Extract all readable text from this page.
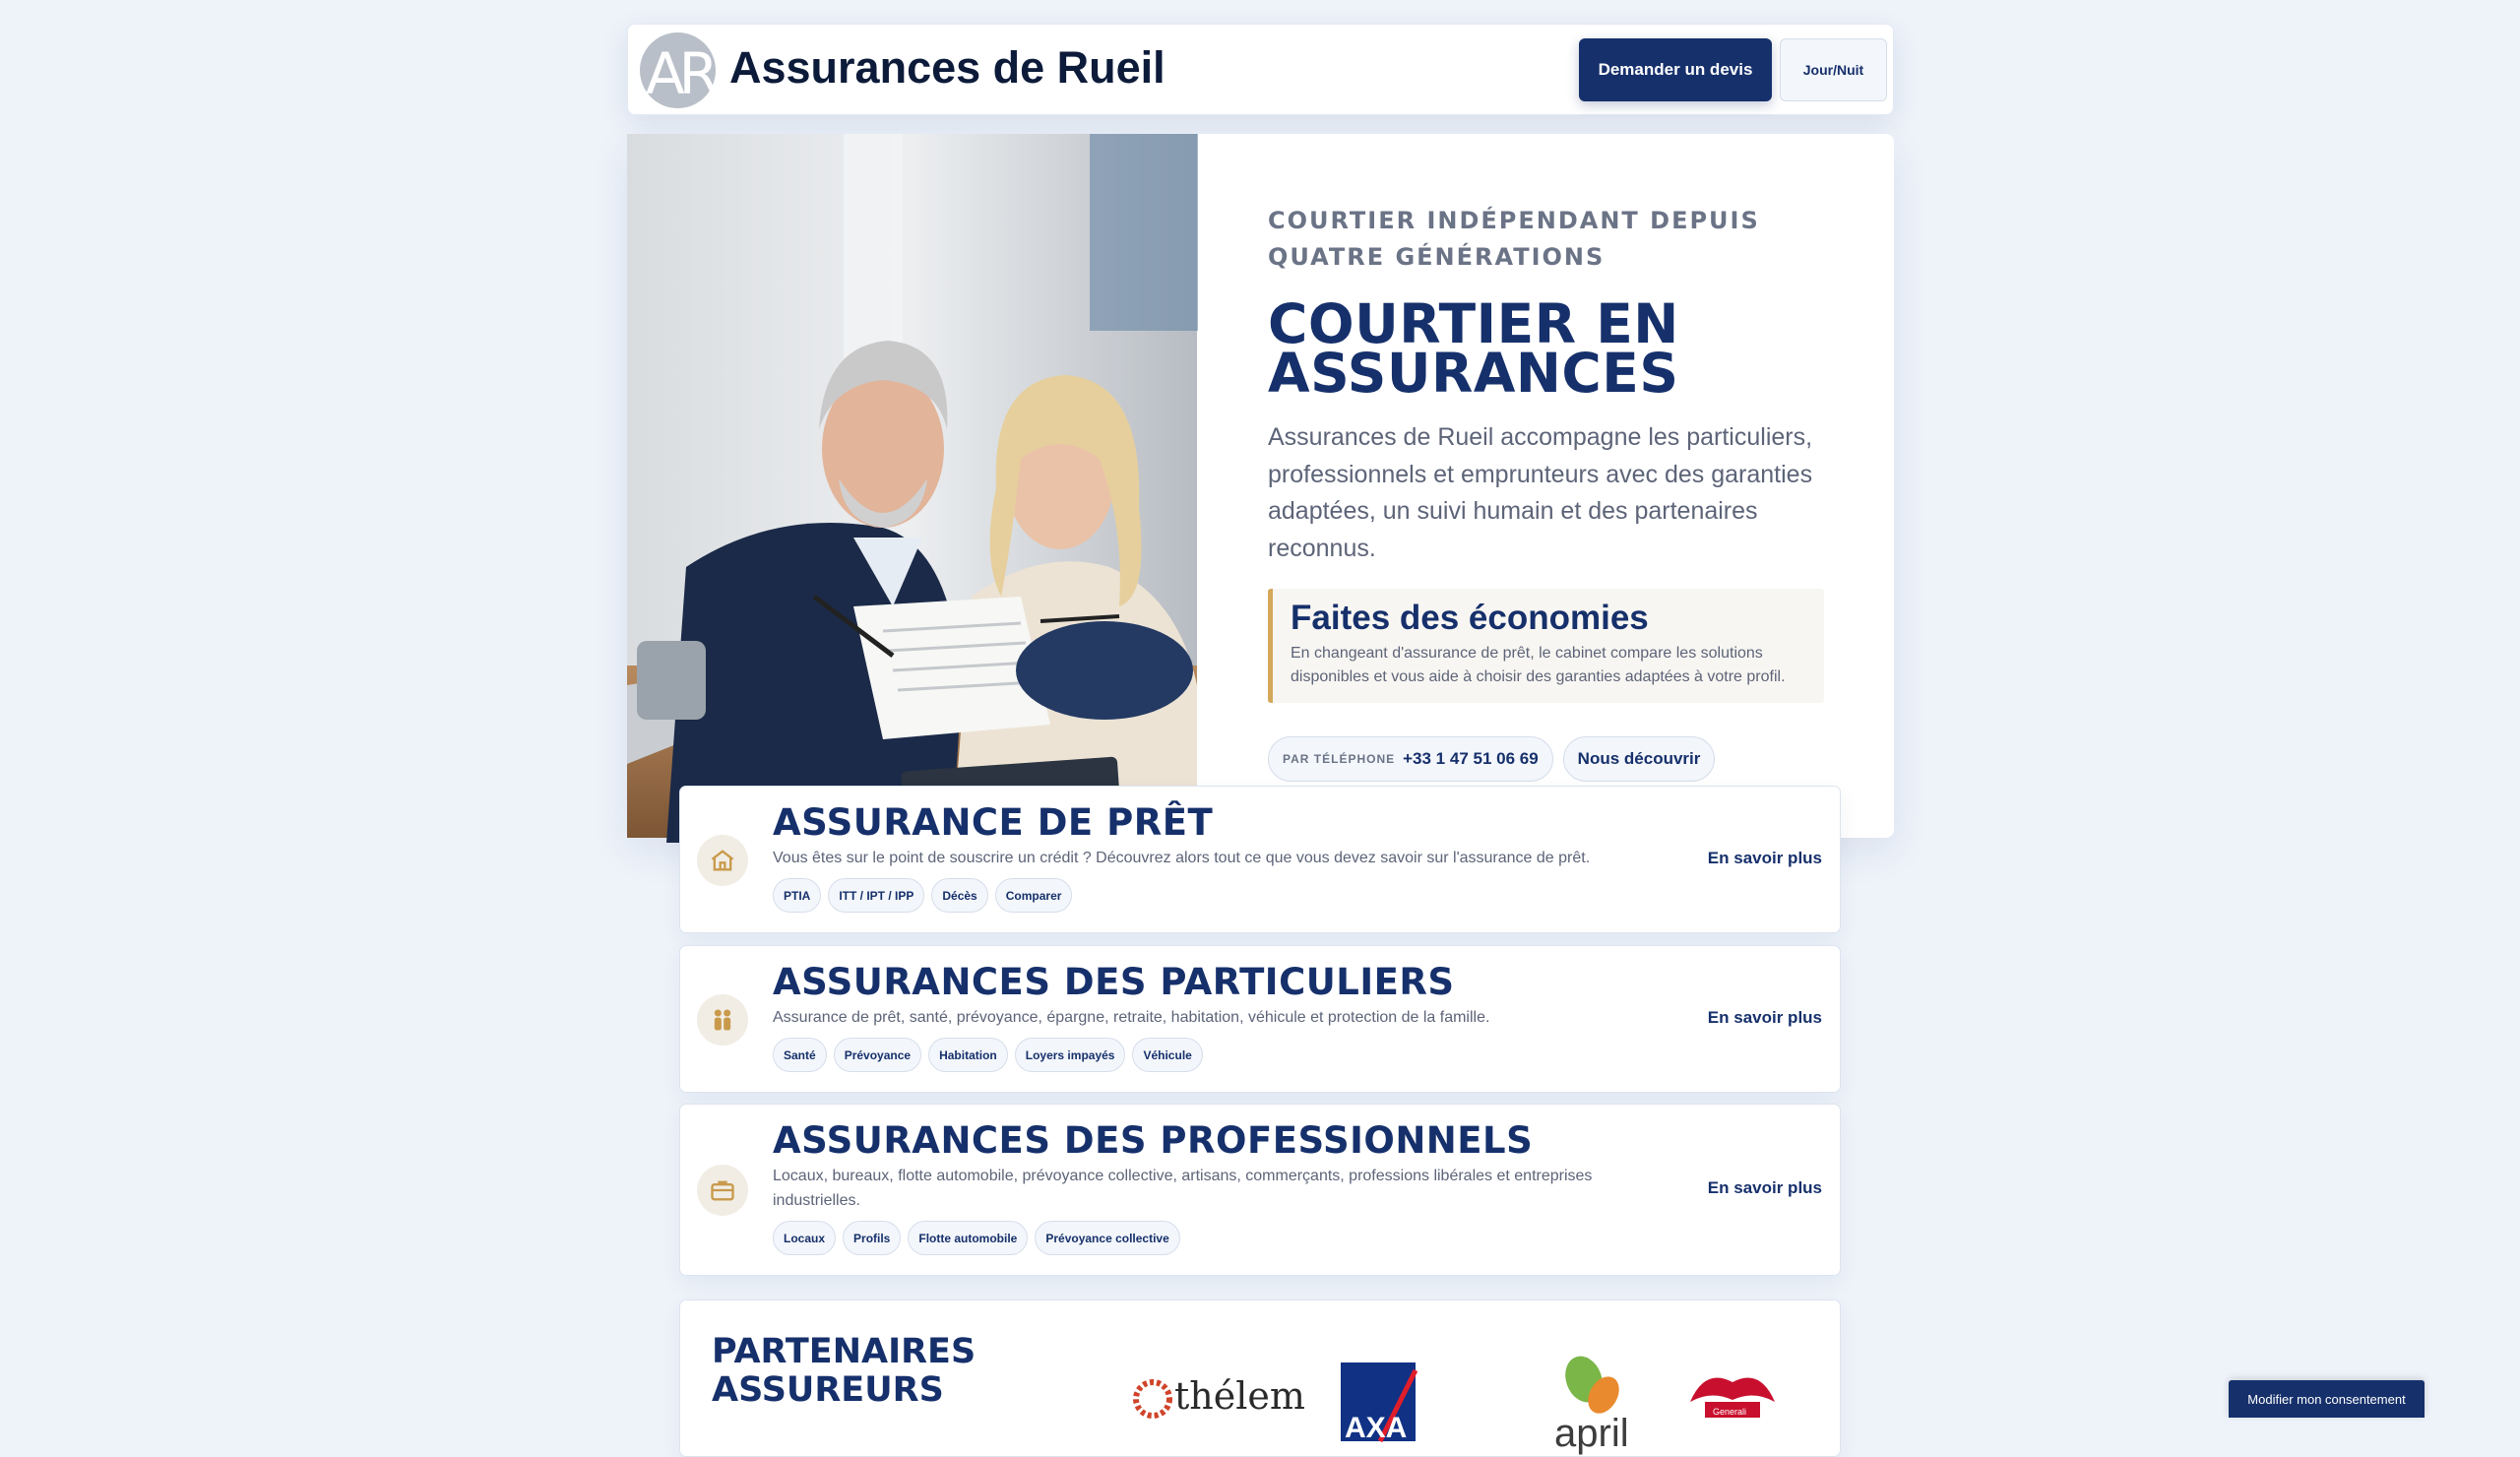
AR Assurances de Rueil	Demander un devis	Jour/Nuit
COURTIER INDÉPENDANT DEPUIS QUATRE GÉNÉRATIONS
COURTIER EN
ASSURANCES

Assurances de Rueil accompagne les particuliers, professionnels et emprunteurs avec des garanties adaptées, un suivi humain et des partenaires reconnus.

Faites des économies
En changeant d'assurance de prêt, le cabinet compare les solutions disponibles et vous aide à choisir des garanties adaptées à votre profil.
PAR TÉLÉPHONE +33 1 47 51 06 69	Nous découvrir
ASSURANCE DE PRÊT
Vous êtes sur le point de souscrire un crédit ? Découvrez alors tout ce que vous devez savoir sur l'assurance de prêt.
PTIA	ITT / IPT / IPP	Décès	Comparer
En savoir plus
ASSURANCES DES PARTICULIERS
Assurance de prêt, santé, prévoyance, épargne, retraite, habitation, véhicule et protection de la famille.
Santé	Prévoyance	Habitation	Loyers impayés	Véhicule
En savoir plus
ASSURANCES DES PROFESSIONNELS
Locaux, bureaux, flotte automobile, prévoyance collective, artisans, commerçants, professions libérales et entreprises industrielles.
Locaux	Profils	Flotte automobile	Prévoyance collective
En savoir plus
PARTENAIRES ASSUREURS	thélem
AXA	april	Generali
Modifier mon consentement
